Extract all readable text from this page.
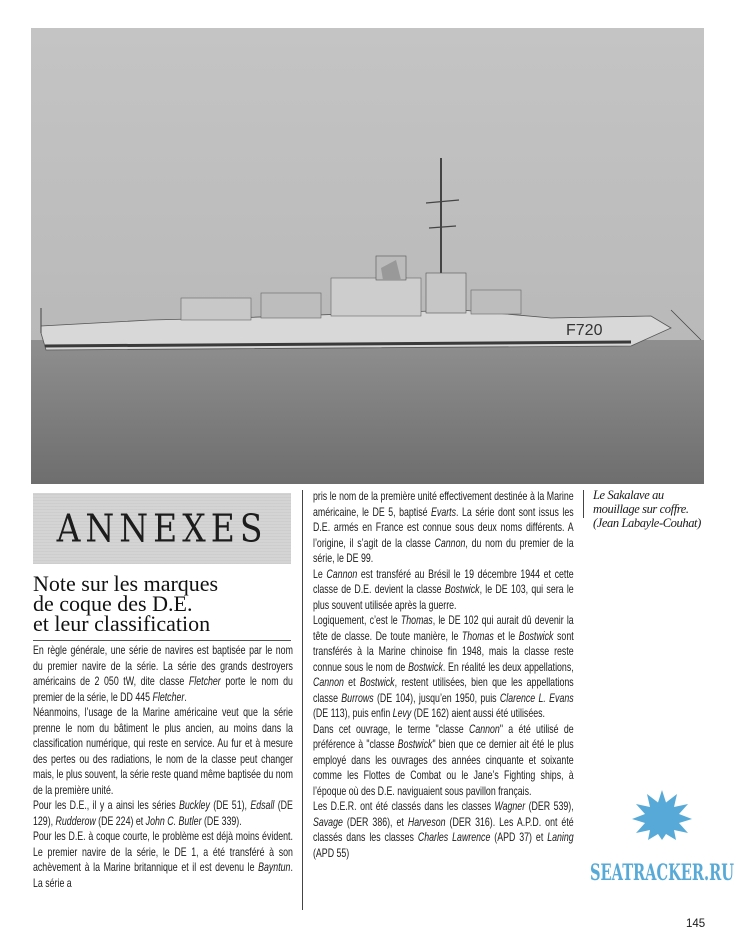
F720
Le Sakalave au
mouillage sur coffre.
(Jean Labayle-Couhat)
ANNEXES
Note sur les marques
de coque des D.E.
et leur classification

En règle générale, une série de navires est baptisée par le nom du premier navire de la série. La série des grands destroyers américains de 2 050 tW, dite classe Fletcher porte le nom du premier de la série, le DD 445 Fletcher.

Néanmoins, l’usage de la Marine américaine veut que la série prenne le nom du bâtiment le plus ancien, au moins dans la classification numérique, qui reste en service. Au fur et à mesure des pertes ou des radiations, le nom de la classe peut changer mais, le plus souvent, la série reste quand même baptisée du nom de la première unité.

Pour les D.E., il y a ainsi les séries Buckley (DE 51), Edsall (DE 129), Rudderow (DE 224) et John C. Butler (DE 339).

Pour les D.E. à coque courte, le problème est déjà moins évident. Le premier navire de la série, le DE 1, a été transféré à son achèvement à la Marine britannique et il est devenu le Bayntun. La série a

pris le nom de la première unité effectivement destinée à la Marine américaine, le DE 5, baptisé Evarts. La série dont sont issus les D.E. armés en France est connue sous deux noms différents. A l’origine, il s’agit de la classe Cannon, du nom du premier de la série, le DE 99.

Le Cannon est transféré au Brésil le 19 décembre 1944 et cette classe de D.E. devient la classe Bostwick, le DE 103, qui sera le plus souvent utilisée après la guerre.

Logiquement, c’est le Thomas, le DE 102 qui aurait dû devenir la tête de classe. De toute manière, le Thomas et le Bostwick sont transférés à la Marine chinoise fin 1948, mais la classe reste connue sous le nom de Bostwick. En réalité les deux appellations, Cannon et Bostwick, restent utilisées, bien que les appellations classe Burrows (DE 104), jusqu’en 1950, puis Clarence L. Evans (DE 113), puis enfin Levy (DE 162) aient aussi été utilisées.

Dans cet ouvrage, le terme "classe Cannon" a été utilisé de préférence à "classe Bostwick" bien que ce dernier ait été le plus employé dans les ouvrages des années cinquante et soixante comme les Flottes de Combat ou le Jane’s Fighting ships, à l’époque où des D.E. naviguaient sous pavillon français.

Les D.E.R. ont été classés dans les classes Wagner (DER 539), Savage (DER 386), et Harveson (DER 316). Les A.P.D. ont été classés dans les classes Charles Lawrence (APD 37) et Laning (APD 55)

145
SEATRACKER.RU
